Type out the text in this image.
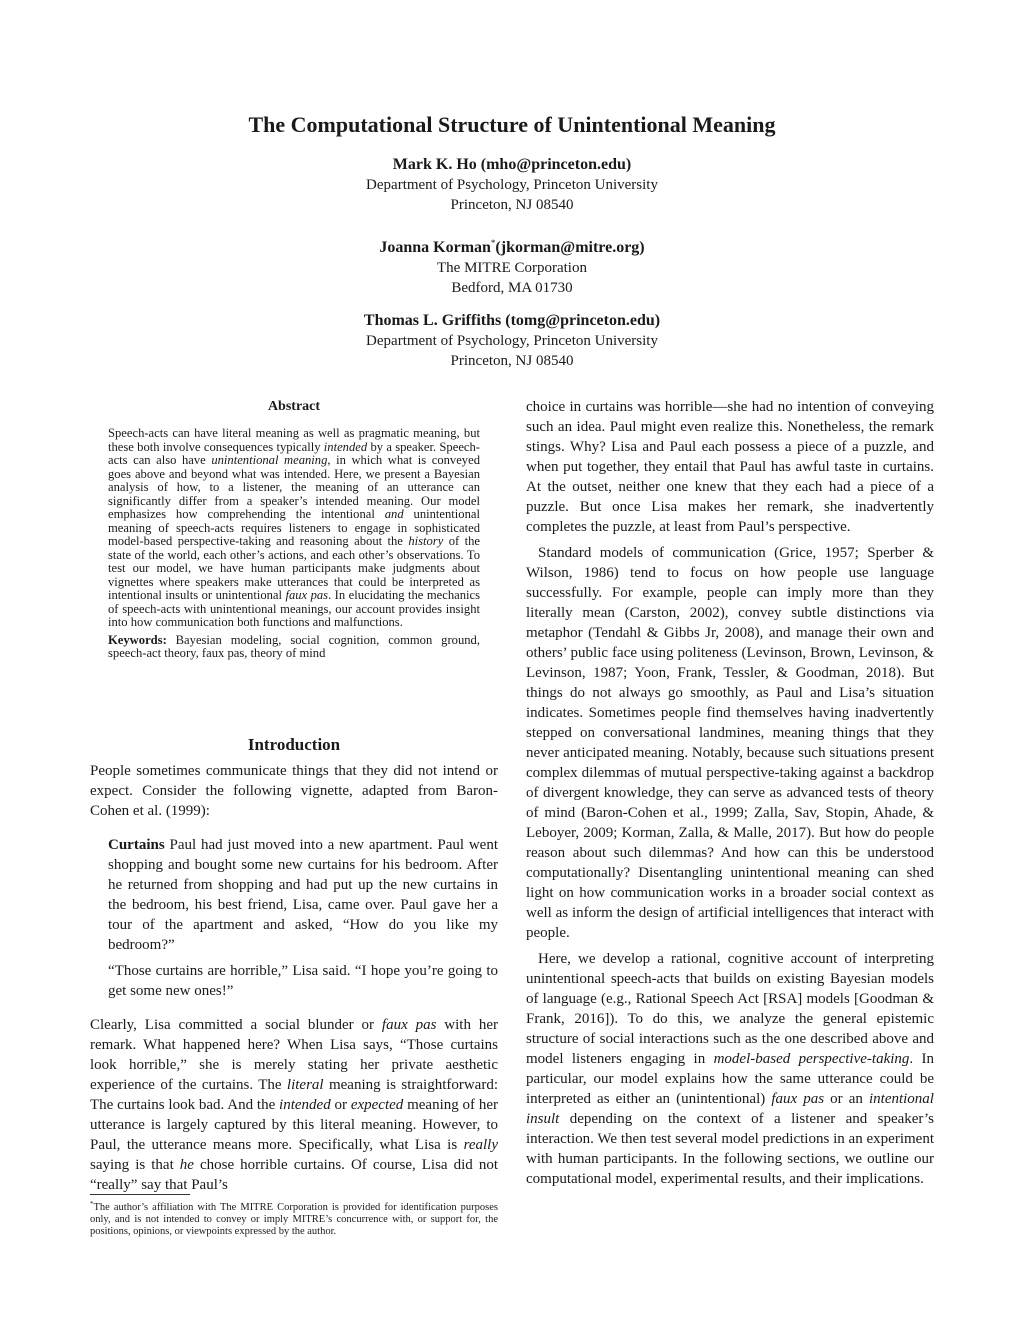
The Computational Structure of Unintentional Meaning
Mark K. Ho (mho@princeton.edu)
Department of Psychology, Princeton University
Princeton, NJ 08540
Joanna Korman*(jkorman@mitre.org)
The MITRE Corporation
Bedford, MA 01730
Thomas L. Griffiths (tomg@princeton.edu)
Department of Psychology, Princeton University
Princeton, NJ 08540
Abstract

Speech-acts can have literal meaning as well as pragmatic meaning, but these both involve consequences typically intended by a speaker. Speech-acts can also have unintentional meaning, in which what is conveyed goes above and beyond what was intended. Here, we present a Bayesian analysis of how, to a listener, the meaning of an utterance can significantly differ from a speaker’s intended meaning. Our model emphasizes how comprehending the intentional and unintentional meaning of speech-acts requires listeners to engage in sophisticated model-based perspective-taking and reasoning about the history of the state of the world, each other’s actions, and each other’s observations. To test our model, we have human participants make judgments about vignettes where speakers make utterances that could be interpreted as intentional insults or unintentional faux pas. In elucidating the mechanics of speech-acts with unintentional meanings, our account provides insight into how communication both functions and malfunctions.

Keywords: Bayesian modeling, social cognition, common ground, speech-act theory, faux pas, theory of mind

Introduction

People sometimes communicate things that they did not intend or expect. Consider the following vignette, adapted from Baron-Cohen et al. (1999):

Curtains Paul had just moved into a new apartment. Paul went shopping and bought some new curtains for his bedroom. After he returned from shopping and had put up the new curtains in the bedroom, his best friend, Lisa, came over. Paul gave her a tour of the apartment and asked, “How do you like my bedroom?”

“Those curtains are horrible,” Lisa said. “I hope you’re going to get some new ones!”

Clearly, Lisa committed a social blunder or faux pas with her remark. What happened here? When Lisa says, “Those curtains look horrible,” she is merely stating her private aesthetic experience of the curtains. The literal meaning is straightforward: The curtains look bad. And the intended or expected meaning of her utterance is largely captured by this literal meaning. However, to Paul, the utterance means more. Specifically, what Lisa is really saying is that he chose horrible curtains. Of course, Lisa did not “really” say that Paul’s

*The author’s affiliation with The MITRE Corporation is provided for identification purposes only, and is not intended to convey or imply MITRE’s concurrence with, or support for, the positions, opinions, or viewpoints expressed by the author.

choice in curtains was horrible—she had no intention of conveying such an idea. Paul might even realize this. Nonetheless, the remark stings. Why? Lisa and Paul each possess a piece of a puzzle, and when put together, they entail that Paul has awful taste in curtains. At the outset, neither one knew that they each had a piece of a puzzle. But once Lisa makes her remark, she inadvertently completes the puzzle, at least from Paul’s perspective.

Standard models of communication (Grice, 1957; Sperber & Wilson, 1986) tend to focus on how people use language successfully. For example, people can imply more than they literally mean (Carston, 2002), convey subtle distinctions via metaphor (Tendahl & Gibbs Jr, 2008), and manage their own and others’ public face using politeness (Levinson, Brown, Levinson, & Levinson, 1987; Yoon, Frank, Tessler, & Goodman, 2018). But things do not always go smoothly, as Paul and Lisa’s situation indicates. Sometimes people find themselves having inadvertently stepped on conversational landmines, meaning things that they never anticipated meaning. Notably, because such situations present complex dilemmas of mutual perspective-taking against a backdrop of divergent knowledge, they can serve as advanced tests of theory of mind (Baron-Cohen et al., 1999; Zalla, Sav, Stopin, Ahade, & Leboyer, 2009; Korman, Zalla, & Malle, 2017). But how do people reason about such dilemmas? And how can this be understood computationally? Disentangling unintentional meaning can shed light on how communication works in a broader social context as well as inform the design of artificial intelligences that interact with people.

Here, we develop a rational, cognitive account of interpreting unintentional speech-acts that builds on existing Bayesian models of language (e.g., Rational Speech Act [RSA] models [Goodman & Frank, 2016]). To do this, we analyze the general epistemic structure of social interactions such as the one described above and model listeners engaging in model-based perspective-taking. In particular, our model explains how the same utterance could be interpreted as either an (unintentional) faux pas or an intentional insult depending on the context of a listener and speaker’s interaction. We then test several model predictions in an experiment with human participants. In the following sections, we outline our computational model, experimental results, and their implications.
